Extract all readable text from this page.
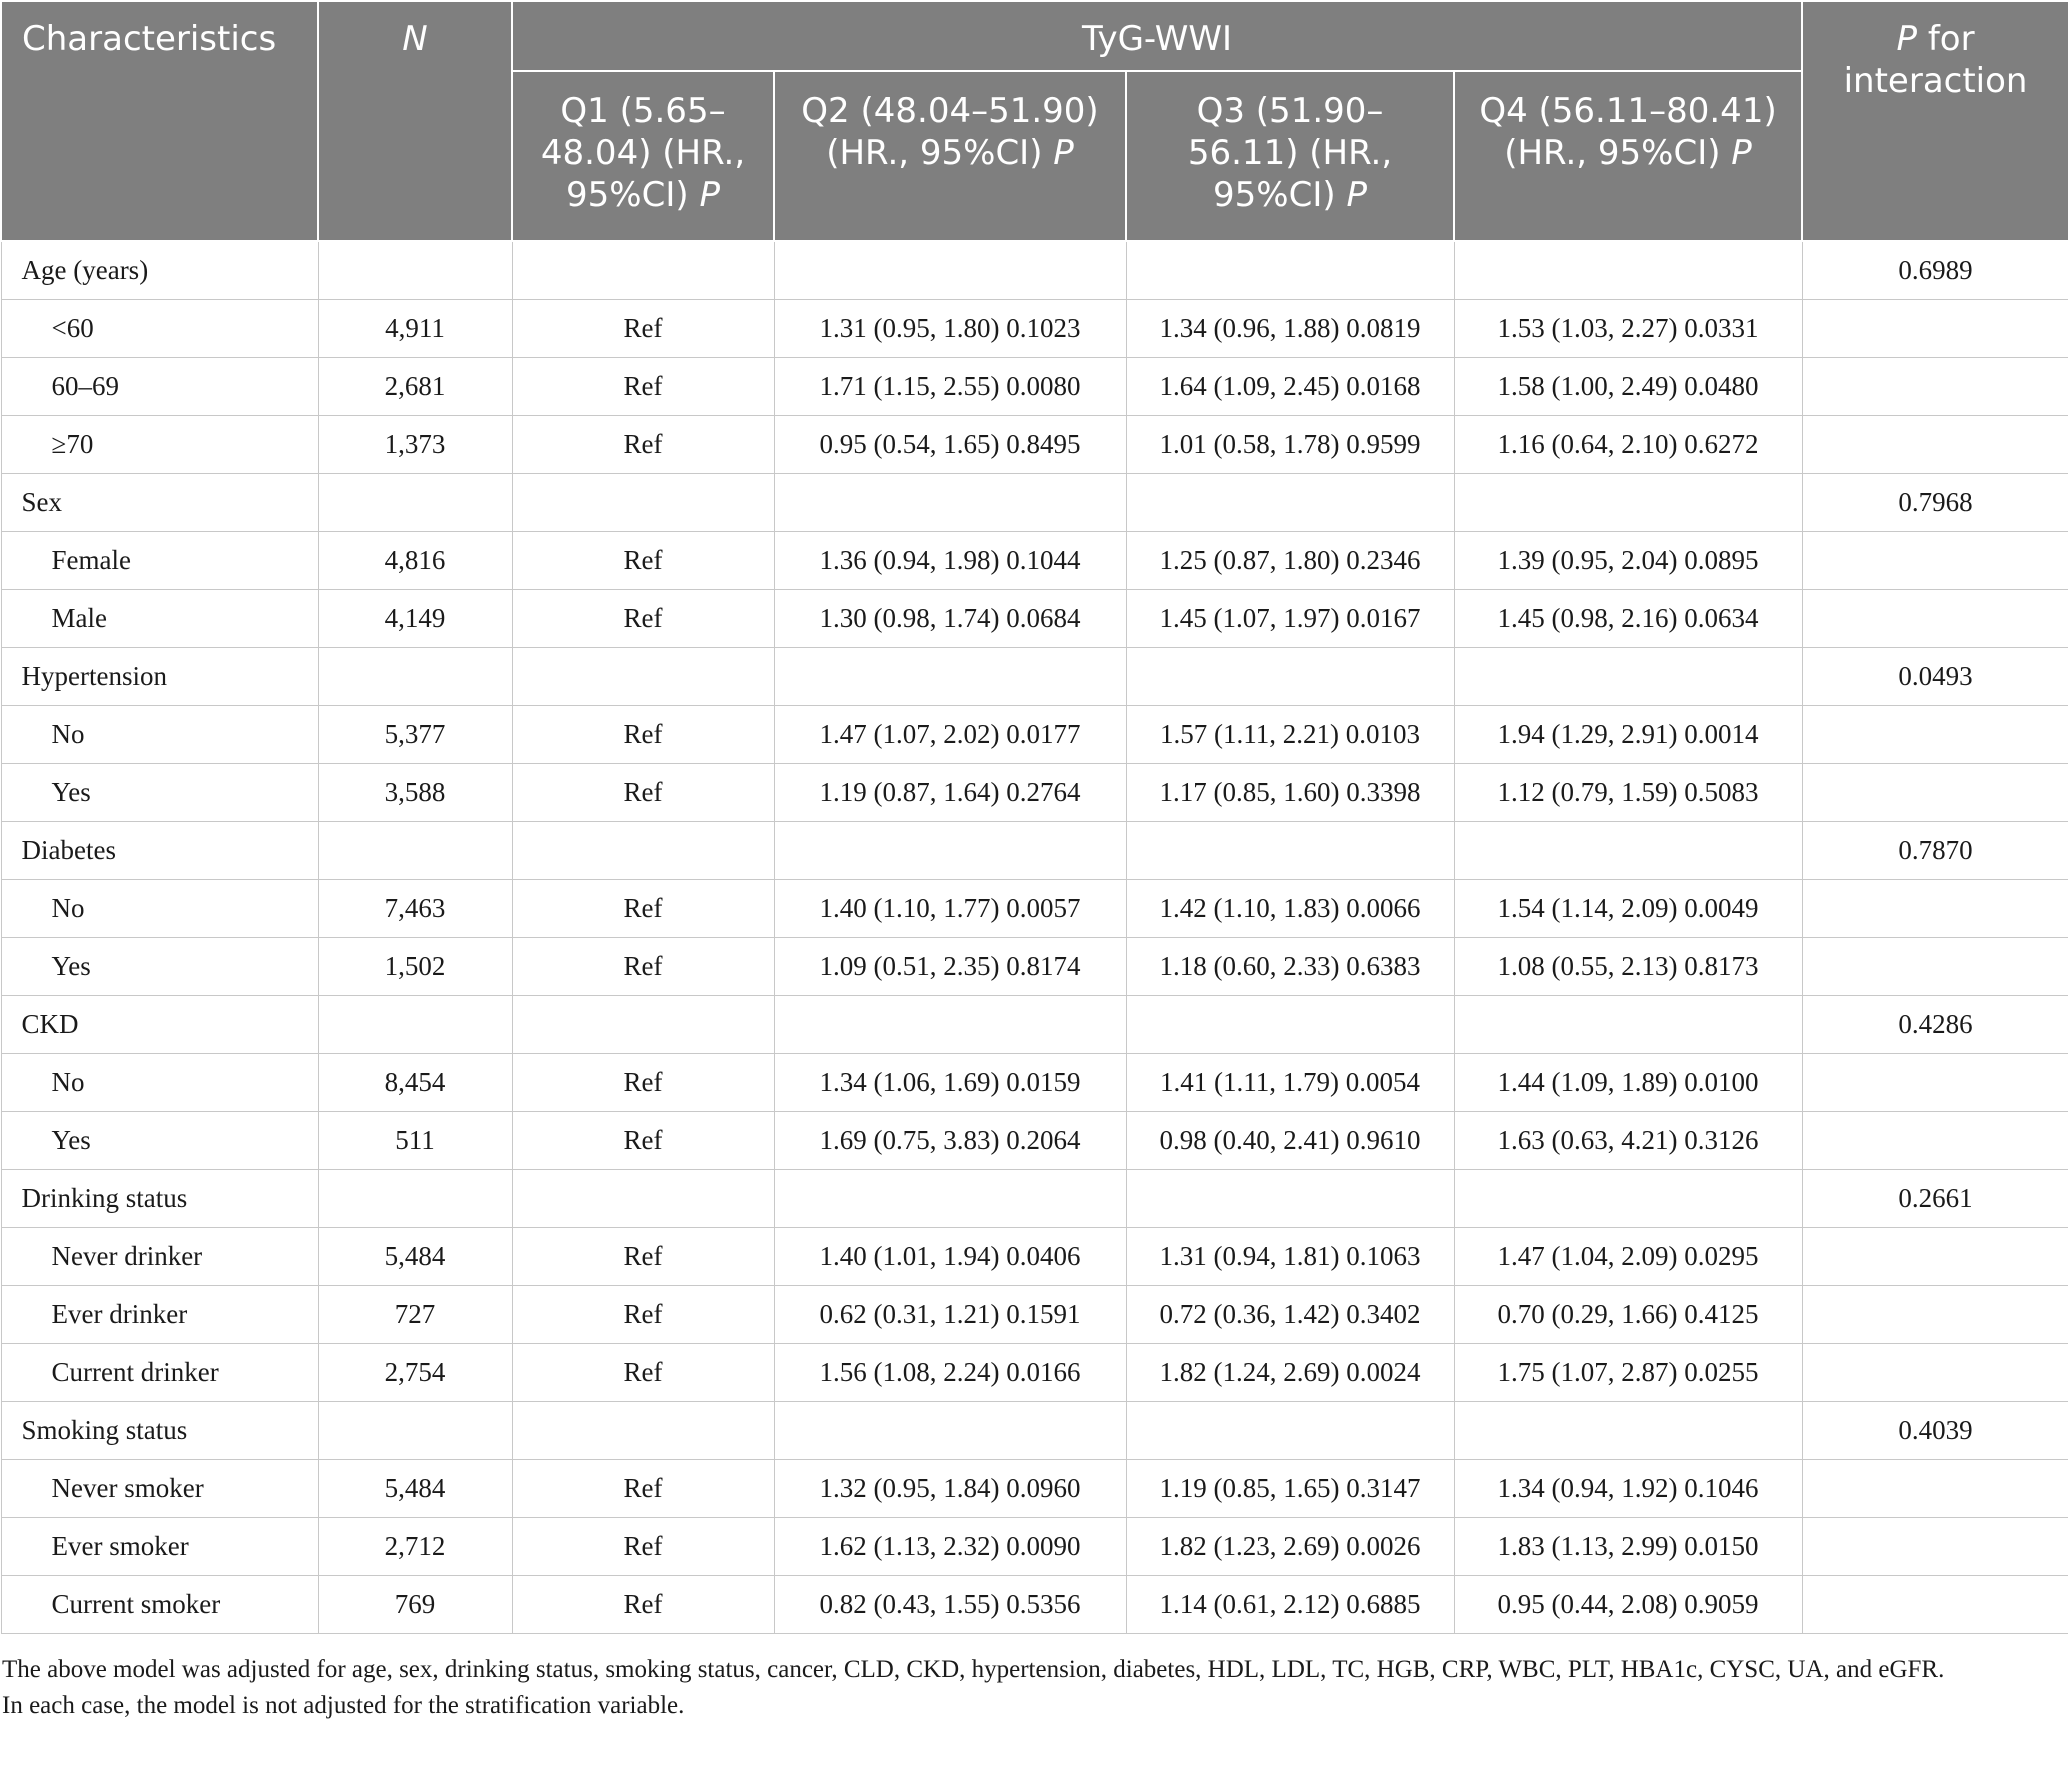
Characteristics	N	TyG-WWI				P for
interaction
		Q1 (5.65–
48.04) (HR.,
95%CI) P	Q2 (48.04–51.90)
(HR., 95%CI) P	Q3 (51.90–
56.11) (HR.,
95%CI) P	Q4 (56.11–80.41)
(HR., 95%CI) P	
Age (years)						0.6989
<60	4,911	Ref	1.31 (0.95, 1.80) 0.1023	1.34 (0.96, 1.88) 0.0819	1.53 (1.03, 2.27) 0.0331	
60–69	2,681	Ref	1.71 (1.15, 2.55) 0.0080	1.64 (1.09, 2.45) 0.0168	1.58 (1.00, 2.49) 0.0480	
≥70	1,373	Ref	0.95 (0.54, 1.65) 0.8495	1.01 (0.58, 1.78) 0.9599	1.16 (0.64, 2.10) 0.6272	
Sex						0.7968
Female	4,816	Ref	1.36 (0.94, 1.98) 0.1044	1.25 (0.87, 1.80) 0.2346	1.39 (0.95, 2.04) 0.0895	
Male	4,149	Ref	1.30 (0.98, 1.74) 0.0684	1.45 (1.07, 1.97) 0.0167	1.45 (0.98, 2.16) 0.0634	
Hypertension						0.0493
No	5,377	Ref	1.47 (1.07, 2.02) 0.0177	1.57 (1.11, 2.21) 0.0103	1.94 (1.29, 2.91) 0.0014	
Yes	3,588	Ref	1.19 (0.87, 1.64) 0.2764	1.17 (0.85, 1.60) 0.3398	1.12 (0.79, 1.59) 0.5083	
Diabetes						0.7870
No	7,463	Ref	1.40 (1.10, 1.77) 0.0057	1.42 (1.10, 1.83) 0.0066	1.54 (1.14, 2.09) 0.0049	
Yes	1,502	Ref	1.09 (0.51, 2.35) 0.8174	1.18 (0.60, 2.33) 0.6383	1.08 (0.55, 2.13) 0.8173	
CKD						0.4286
No	8,454	Ref	1.34 (1.06, 1.69) 0.0159	1.41 (1.11, 1.79) 0.0054	1.44 (1.09, 1.89) 0.0100	
Yes	511	Ref	1.69 (0.75, 3.83) 0.2064	0.98 (0.40, 2.41) 0.9610	1.63 (0.63, 4.21) 0.3126	
Drinking status						0.2661
Never drinker	5,484	Ref	1.40 (1.01, 1.94) 0.0406	1.31 (0.94, 1.81) 0.1063	1.47 (1.04, 2.09) 0.0295	
Ever drinker	727	Ref	0.62 (0.31, 1.21) 0.1591	0.72 (0.36, 1.42) 0.3402	0.70 (0.29, 1.66) 0.4125	
Current drinker	2,754	Ref	1.56 (1.08, 2.24) 0.0166	1.82 (1.24, 2.69) 0.0024	1.75 (1.07, 2.87) 0.0255	
Smoking status						0.4039
Never smoker	5,484	Ref	1.32 (0.95, 1.84) 0.0960	1.19 (0.85, 1.65) 0.3147	1.34 (0.94, 1.92) 0.1046	
Ever smoker	2,712	Ref	1.62 (1.13, 2.32) 0.0090	1.82 (1.23, 2.69) 0.0026	1.83 (1.13, 2.99) 0.0150	
Current smoker	769	Ref	0.82 (0.43, 1.55) 0.5356	1.14 (0.61, 2.12) 0.6885	0.95 (0.44, 2.08) 0.9059	
The above model was adjusted for age, sex, drinking status, smoking status, cancer, CLD, CKD, hypertension, diabetes, HDL, LDL, TC, HGB, CRP, WBC, PLT, HBA1c, CYSC, UA, and eGFR.
In each case, the model is not adjusted for the stratification variable.
